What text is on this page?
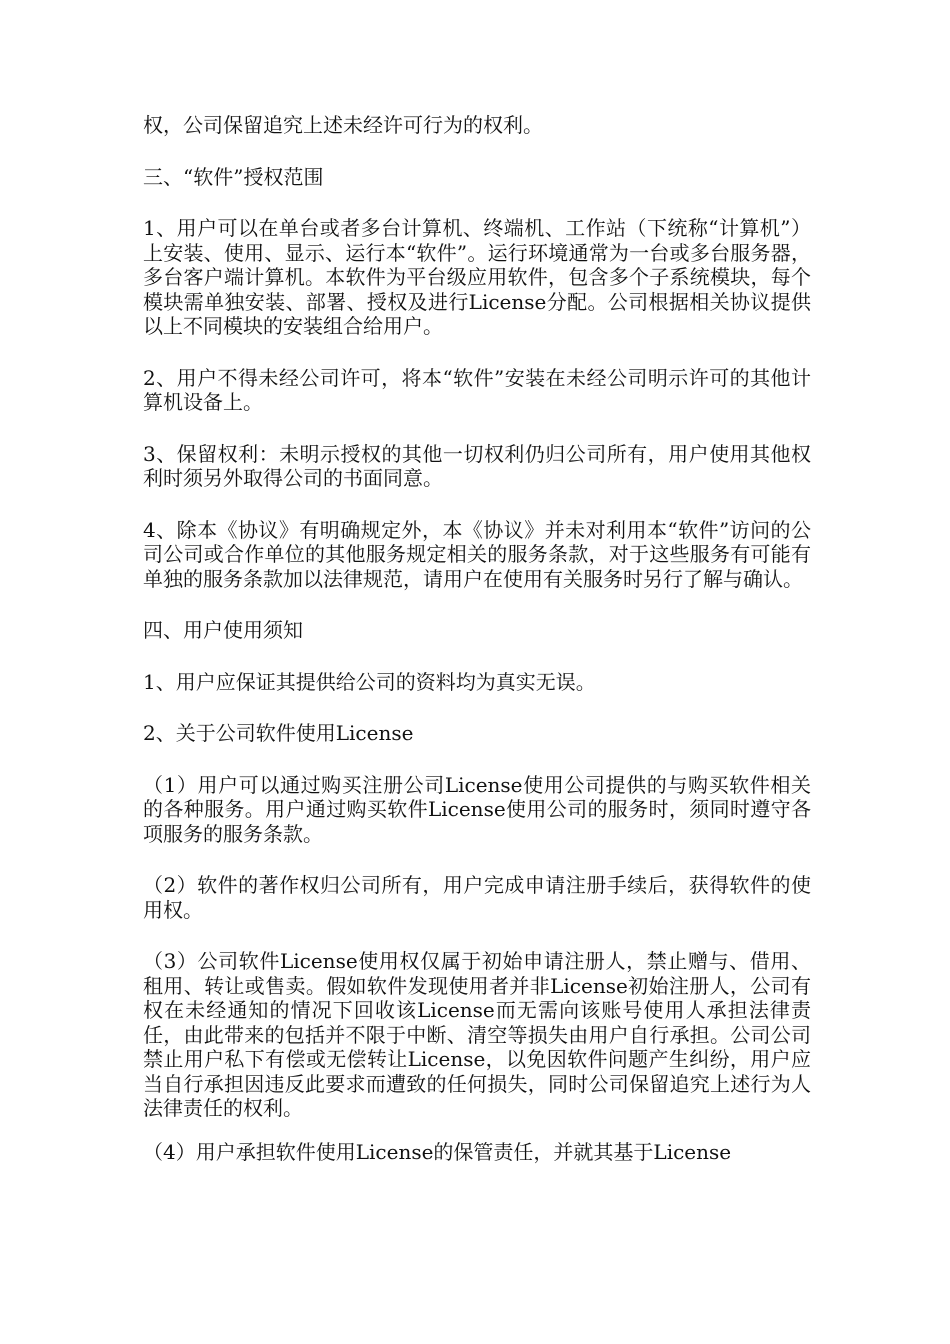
权，公司保留追究上述未经许可行为的权利。

三、“软件”授权范围

1、用户可以在单台或者多台计算机、终端机、工作站（下统称“计算机”）上安装、使用、显示、运行本“软件”。运行环境通常为一台或多台服务器，多台客户端计算机。本软件为平台级应用软件，包含多个子系统模块，每个模块需单独安装、部署、授权及进行License分配。公司根据相关协议提供以上不同模块的安装组合给用户。

2、用户不得未经公司许可，将本“软件”安装在未经公司明示许可的其他计算机设备上。

3、保留权利：未明示授权的其他一切权利仍归公司所有，用户使用其他权利时须另外取得公司的书面同意。

4、除本《协议》有明确规定外，本《协议》并未对利用本“软件”访问的公司公司或合作单位的其他服务规定相关的服务条款，对于这些服务有可能有单独的服务条款加以法律规范，请用户在使用有关服务时另行了解与确认。

四、用户使用须知

1、用户应保证其提供给公司的资料均为真实无误。

2、关于公司软件使用License

（1）用户可以通过购买注册公司License使用公司提供的与购买软件相关的各种服务。用户通过购买软件License使用公司的服务时，须同时遵守各项服务的服务条款。

（2）软件的著作权归公司所有，用户完成申请注册手续后，获得软件的使用权。

（3）公司软件License使用权仅属于初始申请注册人，禁止赠与、借用、租用、转让或售卖。假如软件发现使用者并非License初始注册人，公司有权在未经通知的情况下回收该License而无需向该账号使用人承担法律责任，由此带来的包括并不限于中断、清空等损失由用户自行承担。公司公司禁止用户私下有偿或无偿转让License，以免因软件问题产生纠纷，用户应当自行承担因违反此要求而遭致的任何损失，同时公司保留追究上述行为人法律责任的权利。

（4）用户承担软件使用License的保管责任，并就其基于License
